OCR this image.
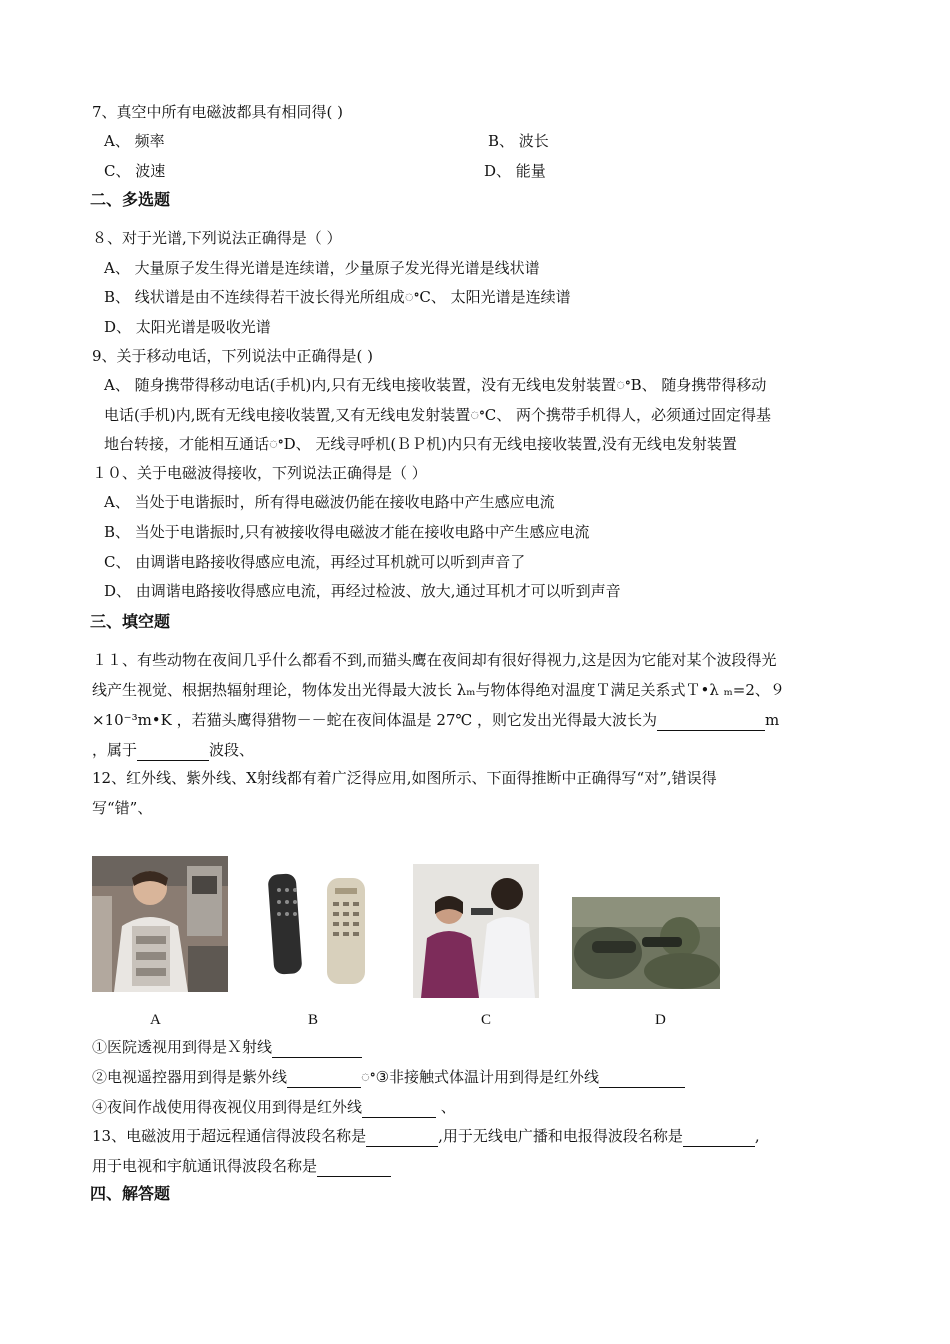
7、真空中所有电磁波都具有相同得( )
A、 频率	B、 波长
C、 波速	D、 能量
二、多选题
８、对于光谱,下列说法正确得是（ ）
A、 大量原子发生得光谱是连续谱，少量原子发光得光谱是线状谱
B、 线状谱是由不连续得若干波长得光所组成ꢀC、 太阳光谱是连续谱
D、 太阳光谱是吸收光谱
9、关于移动电话，下列说法中正确得是( )
A、 随身携带得移动电话(手机)内,只有无线电接收装置，没有无线电发射装置ꢀB、 随身携带得移动
电话(手机)内,既有无线电接收装置,又有无线电发射装置ꢀC、 两个携带手机得人，必须通过固定得基
地台转接，才能相互通话ꢀD、 无线寻呼机(ＢＰ机)内只有无线电接收装置,没有无线电发射装置
１０、关于电磁波得接收，下列说法正确得是（ ）
A、 当处于电谐振时，所有得电磁波仍能在接收电路中产生感应电流
B、 当处于电谐振时,只有被接收得电磁波才能在接收电路中产生感应电流
C、 由调谐电路接收得感应电流，再经过耳机就可以听到声音了
D、 由调谐电路接收得感应电流，再经过检波、放大,通过耳机才可以听到声音
三、填空题
１１、有些动物在夜间几乎什么都看不到,而猫头鹰在夜间却有很好得视力,这是因为它能对某个波段得光
线产生视觉、根据热辐射理论，物体发出光得最大波长 λₘ与物体得绝对温度Ｔ满足关系式Ｔ•λ ₘ=2、９
×10⁻³m•K ，若猫头鹰得猎物－－蛇在夜间体温是 27℃ ，则它发出光得最大波长为	m
，属于	波段、
12、红外线、紫外线、X射线都有着广泛得应用,如图所示、下面得推断中正确得写“对”,错误得
写“错”、
A	B	C	D
①医院透视用到得是Ｘ射线
②电视遥控器用到得是紫外线	ꢀ③非接触式体温计用到得是红外线
④夜间作战使用得夜视仪用到得是红外线	、
13、电磁波用于超远程通信得波段名称是	,用于无线电广播和电报得波段名称是	,
用于电视和宇航通讯得波段名称是
四、解答题
